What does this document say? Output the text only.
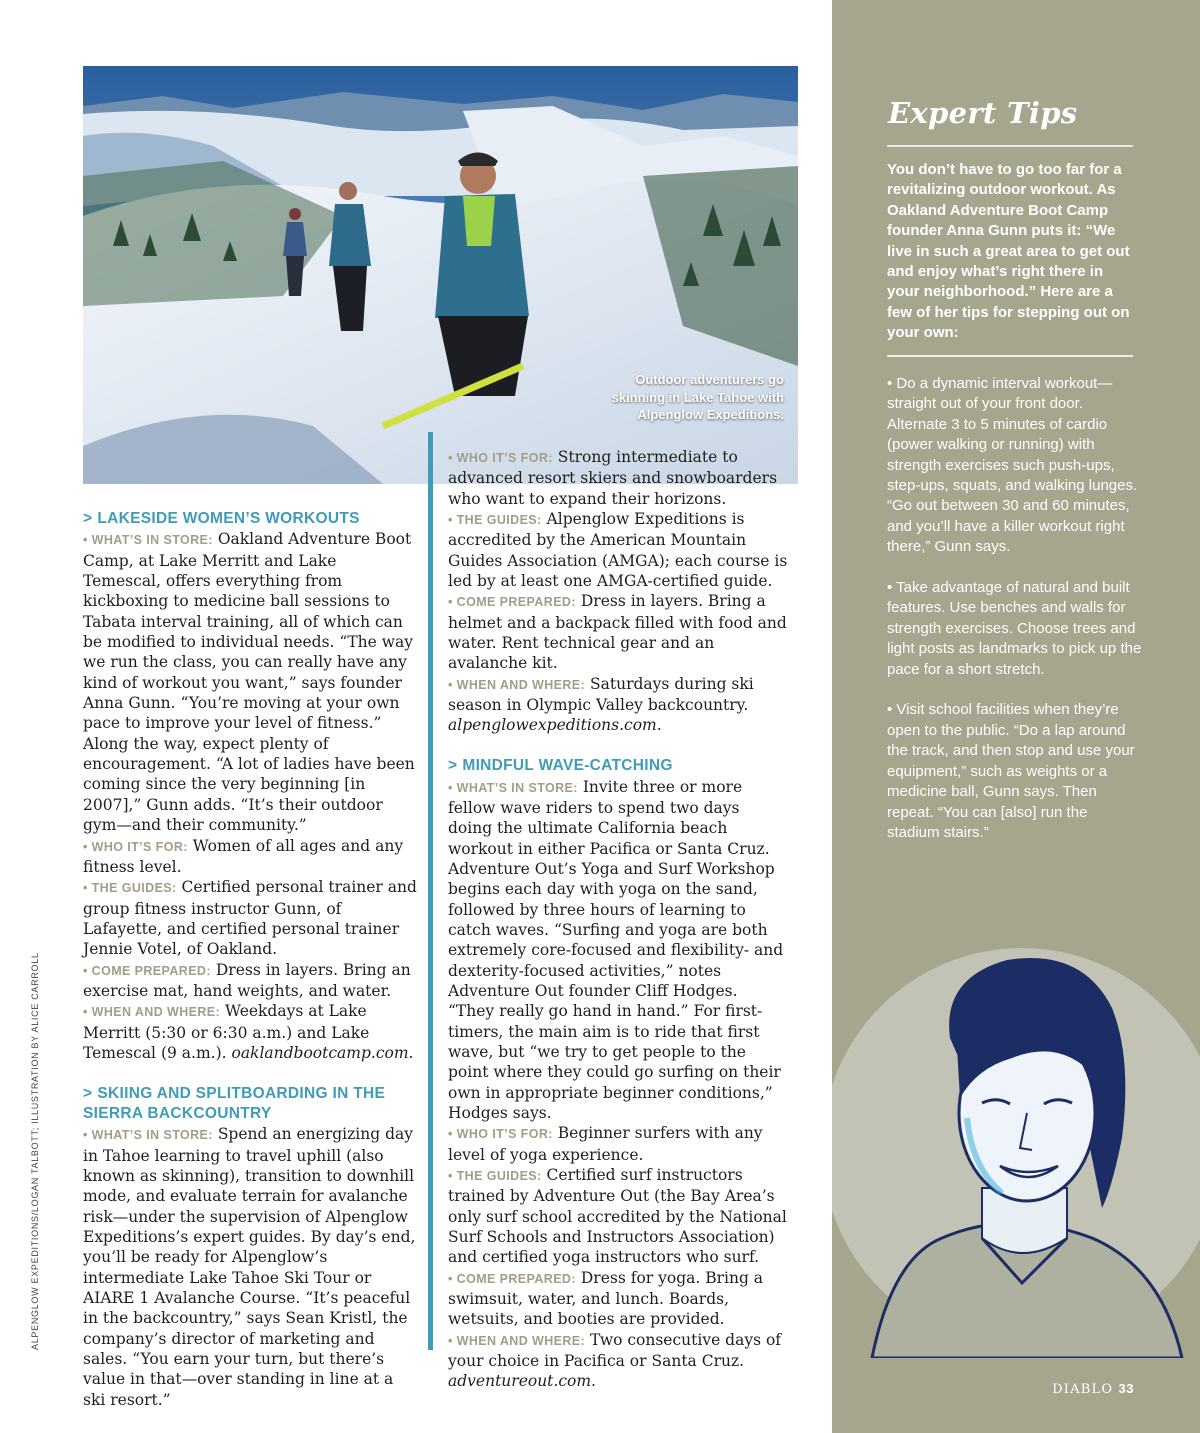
ALPENGLOW EXPEDITIONS/LOGAN TALBOTT; ILLUSTRATION BY ALICE CARROLL
Outdoor adventurers go skinning in Lake Tahoe with Alpenglow Expeditions.
> LAKESIDE WOMEN’S WORKOUTS

• WHAT’S IN STORE: Oakland Adventure Boot Camp, at Lake Merritt and Lake Temescal, offers everything from kickboxing to medicine ball sessions to Tabata interval training, all of which can be modified to individual needs. “The way we run the class, you can really have any kind of workout you want,” says founder Anna Gunn. “You’re moving at your own pace to improve your level of fitness.” Along the way, expect plenty of encouragement. “A lot of ladies have been coming since the very beginning [in 2007],” Gunn adds. “It’s their outdoor gym—and their community.”

• WHO IT’S FOR: Women of all ages and any fitness level.

• THE GUIDES: Certified personal trainer and group fitness instructor Gunn, of Lafayette, and certified personal trainer Jennie Votel, of Oakland.

• COME PREPARED: Dress in layers. Bring an exercise mat, hand weights, and water.

• WHEN AND WHERE: Weekdays at Lake Merritt (5:30 or 6:30 a.m.) and Lake Temescal (9 a.m.). oaklandbootcamp.com.

> SKIING AND SPLITBOARDING IN THE SIERRA BACKCOUNTRY

• WHAT’S IN STORE: Spend an energizing day in Tahoe learning to travel uphill (also known as skinning), transition to downhill mode, and evaluate terrain for avalanche risk—under the supervision of Alpenglow Expeditions’s expert guides. By day’s end, you’ll be ready for Alpenglow’s intermediate Lake Tahoe Ski Tour or AIARE 1 Avalanche Course. “It’s peaceful in the backcountry,” says Sean Kristl, the company’s director of marketing and sales. “You earn your turn, but there’s value in that—over standing in line at a ski resort.”

• WHO IT’S FOR: Strong intermediate to advanced resort skiers and snowboarders who want to expand their horizons.

• THE GUIDES: Alpenglow Expeditions is accredited by the American Mountain Guides Association (AMGA); each course is led by at least one AMGA-certified guide.

• COME PREPARED: Dress in layers. Bring a helmet and a backpack filled with food and water. Rent technical gear and an avalanche kit.

• WHEN AND WHERE: Saturdays during ski season in Olympic Valley backcountry. alpenglowexpeditions.com.

> MINDFUL WAVE-CATCHING

• WHAT’S IN STORE: Invite three or more fellow wave riders to spend two days doing the ultimate California beach workout in either Pacifica or Santa Cruz. Adventure Out’s Yoga and Surf Workshop begins each day with yoga on the sand, followed by three hours of learning to catch waves. “Surfing and yoga are both extremely core-focused and flexibility- and dexterity-focused activities,” notes Adventure Out founder Cliff Hodges. “They really go hand in hand.” For first-timers, the main aim is to ride that first wave, but “we try to get people to the point where they could go surfing on their own in appropriate beginner conditions,” Hodges says.

• WHO IT’S FOR: Beginner surfers with any level of yoga experience.

• THE GUIDES: Certified surf instructors trained by Adventure Out (the Bay Area’s only surf school accredited by the National Surf Schools and Instructors Association) and certified yoga instructors who surf.

• COME PREPARED: Dress for yoga. Bring a swimsuit, water, and lunch. Boards, wetsuits, and booties are provided.

• WHEN AND WHERE: Two consecutive days of your choice in Pacifica or Santa Cruz. adventureout.com.

Expert Tips
You don’t have to go too far for a revitalizing outdoor workout. As Oakland Adventure Boot Camp founder Anna Gunn puts it: “We live in such a great area to get out and enjoy what’s right there in your neighborhood.” Here are a few of her tips for stepping out on your own:

• Do a dynamic interval workout—straight out of your front door. Alternate 3 to 5 minutes of cardio (power walking or running) with strength exercises such push-ups, step-ups, squats, and walking lunges. “Go out between 30 and 60 minutes, and you’ll have a killer workout right there,” Gunn says.

• Take advantage of natural and built features. Use benches and walls for strength exercises. Choose trees and light posts as landmarks to pick up the pace for a short stretch.

• Visit school facilities when they’re open to the public. “Do a lap around the track, and then stop and use your equipment,” such as weights or a medicine ball, Gunn says. Then repeat. “You can [also] run the stadium stairs.”

DIABLO 33
